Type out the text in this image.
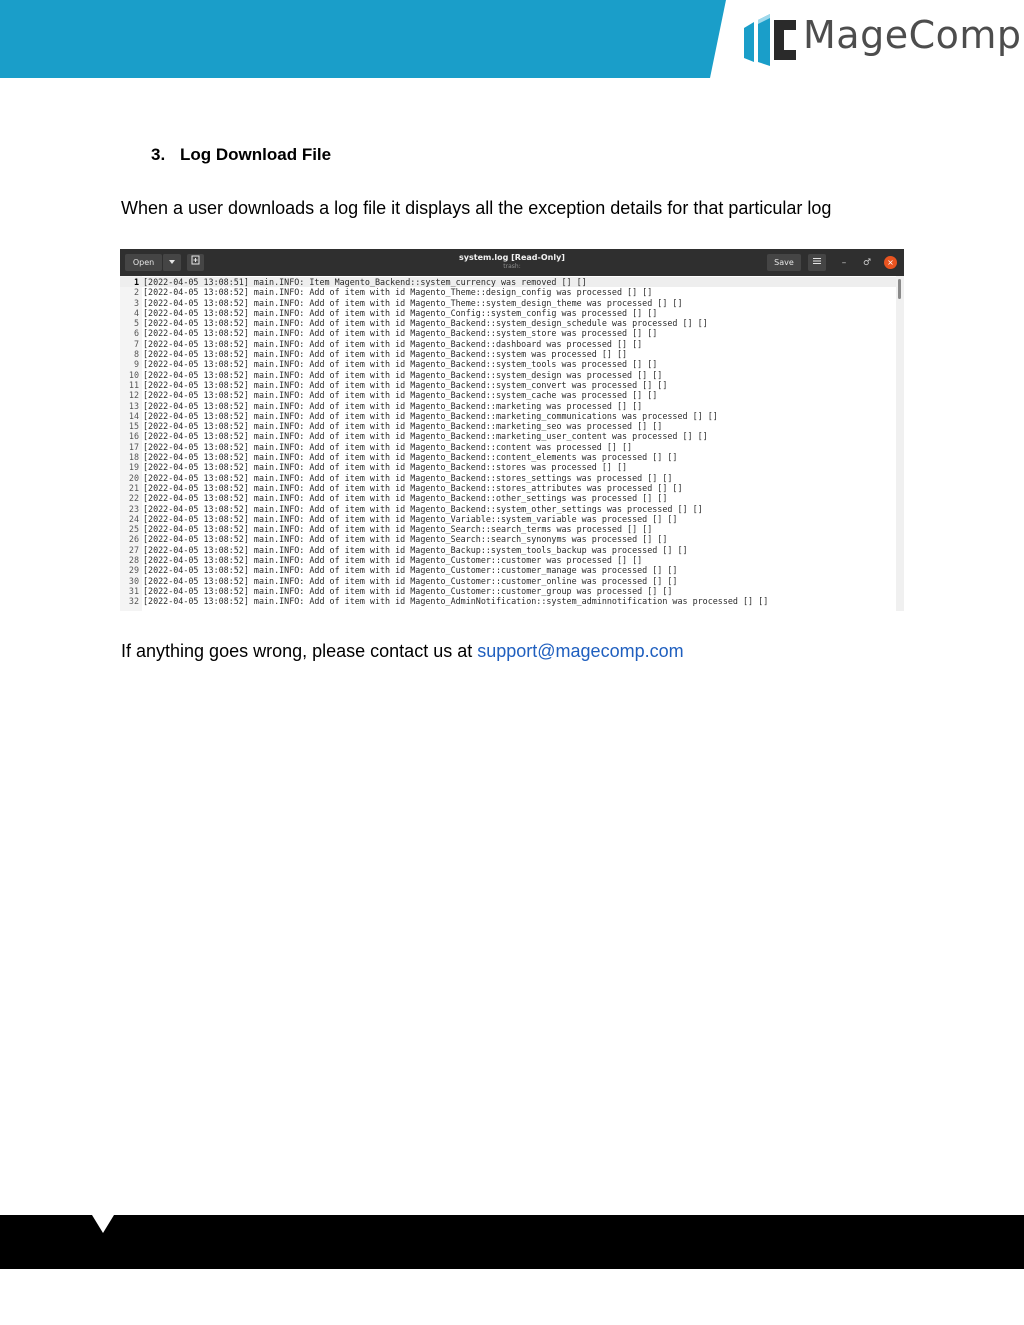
MageComp
3. Log Download File
When a user downloads a log file it displays all the exception details for that particular log
Open
system.log [Read-Only]
trash:	Save	–	♂	×
1 [2022-04-05 13:08:51] main.INFO: Item Magento_Backend::system_currency was removed [] []
2 [2022-04-05 13:08:52] main.INFO: Add of item with id Magento_Theme::design_config was processed [] []
3 [2022-04-05 13:08:52] main.INFO: Add of item with id Magento_Theme::system_design_theme was processed [] []
4 [2022-04-05 13:08:52] main.INFO: Add of item with id Magento_Config::system_config was processed [] []
5 [2022-04-05 13:08:52] main.INFO: Add of item with id Magento_Backend::system_design_schedule was processed [] []
6 [2022-04-05 13:08:52] main.INFO: Add of item with id Magento_Backend::system_store was processed [] []
7 [2022-04-05 13:08:52] main.INFO: Add of item with id Magento_Backend::dashboard was processed [] []
8 [2022-04-05 13:08:52] main.INFO: Add of item with id Magento_Backend::system was processed [] []
9 [2022-04-05 13:08:52] main.INFO: Add of item with id Magento_Backend::system_tools was processed [] []
10 [2022-04-05 13:08:52] main.INFO: Add of item with id Magento_Backend::system_design was processed [] []
11 [2022-04-05 13:08:52] main.INFO: Add of item with id Magento_Backend::system_convert was processed [] []
12 [2022-04-05 13:08:52] main.INFO: Add of item with id Magento_Backend::system_cache was processed [] []
13 [2022-04-05 13:08:52] main.INFO: Add of item with id Magento_Backend::marketing was processed [] []
14 [2022-04-05 13:08:52] main.INFO: Add of item with id Magento_Backend::marketing_communications was processed [] []
15 [2022-04-05 13:08:52] main.INFO: Add of item with id Magento_Backend::marketing_seo was processed [] []
16 [2022-04-05 13:08:52] main.INFO: Add of item with id Magento_Backend::marketing_user_content was processed [] []
17 [2022-04-05 13:08:52] main.INFO: Add of item with id Magento_Backend::content was processed [] []
18 [2022-04-05 13:08:52] main.INFO: Add of item with id Magento_Backend::content_elements was processed [] []
19 [2022-04-05 13:08:52] main.INFO: Add of item with id Magento_Backend::stores was processed [] []
20 [2022-04-05 13:08:52] main.INFO: Add of item with id Magento_Backend::stores_settings was processed [] []
21 [2022-04-05 13:08:52] main.INFO: Add of item with id Magento_Backend::stores_attributes was processed [] []
22 [2022-04-05 13:08:52] main.INFO: Add of item with id Magento_Backend::other_settings was processed [] []
23 [2022-04-05 13:08:52] main.INFO: Add of item with id Magento_Backend::system_other_settings was processed [] []
24 [2022-04-05 13:08:52] main.INFO: Add of item with id Magento_Variable::system_variable was processed [] []
25 [2022-04-05 13:08:52] main.INFO: Add of item with id Magento_Search::search_terms was processed [] []
26 [2022-04-05 13:08:52] main.INFO: Add of item with id Magento_Search::search_synonyms was processed [] []
27 [2022-04-05 13:08:52] main.INFO: Add of item with id Magento_Backup::system_tools_backup was processed [] []
28 [2022-04-05 13:08:52] main.INFO: Add of item with id Magento_Customer::customer was processed [] []
29 [2022-04-05 13:08:52] main.INFO: Add of item with id Magento_Customer::customer_manage was processed [] []
30 [2022-04-05 13:08:52] main.INFO: Add of item with id Magento_Customer::customer_online was processed [] []
31 [2022-04-05 13:08:52] main.INFO: Add of item with id Magento_Customer::customer_group was processed [] []
32 [2022-04-05 13:08:52] main.INFO: Add of item with id Magento_AdminNotification::system_adminnotification was processed [] []
If anything goes wrong, please contact us at support@magecomp.com
